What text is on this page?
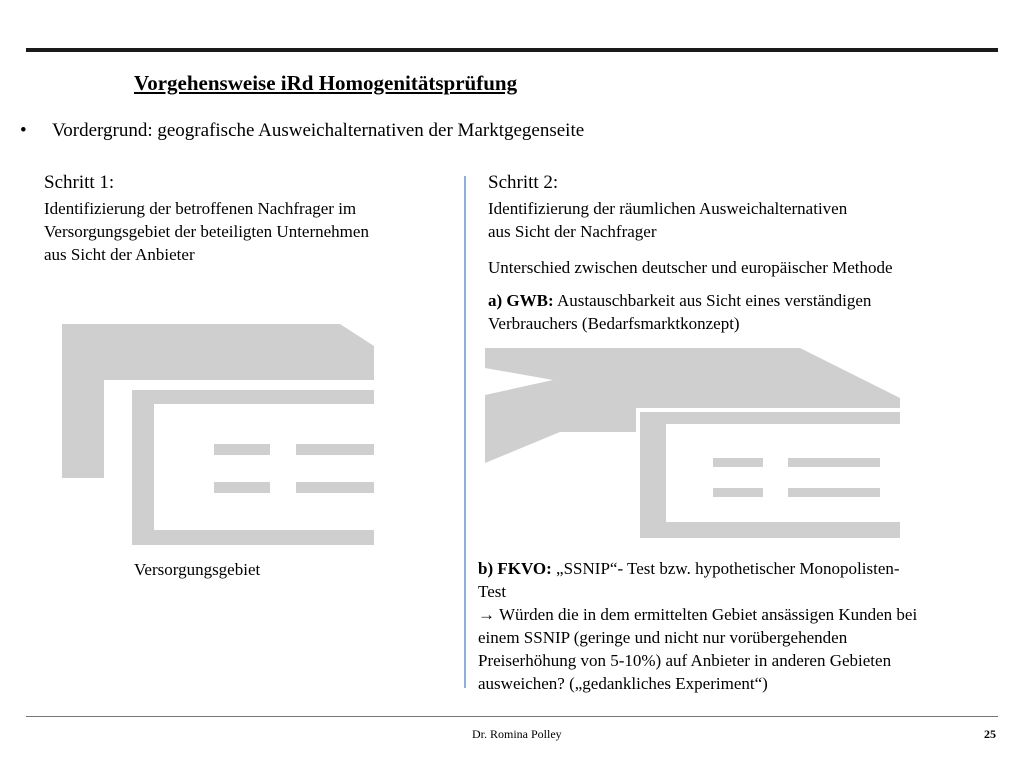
Vorgehensweise iRd Homogenitätsprüfung
• Vordergrund: geografische Ausweichalternativen der Marktgegenseite
Schritt 1:
Identifizierung der betroffenen Nachfrager im
Versorgungsgebiet der beteiligten Unternehmen
aus Sicht der Anbieter
Versorgungsgebiet
Schritt 2:
Identifizierung der räumlichen Ausweichalternativen
aus Sicht der Nachfrager
Unterschied zwischen deutscher und europäischer Methode
a) GWB: Austauschbarkeit aus Sicht eines verständigen
Verbrauchers (Bedarfsmarktkonzept)
b) FKVO: „SSNIP“- Test bzw. hypothetischer Monopolisten-
Test
→ Würden die in dem ermittelten Gebiet ansässigen Kunden bei
einem SSNIP (geringe und nicht nur vorübergehenden
Preiserhöhung von 5-10%) auf Anbieter in anderen Gebieten
ausweichen? („gedankliches Experiment“)
Dr. Romina Polley	25
